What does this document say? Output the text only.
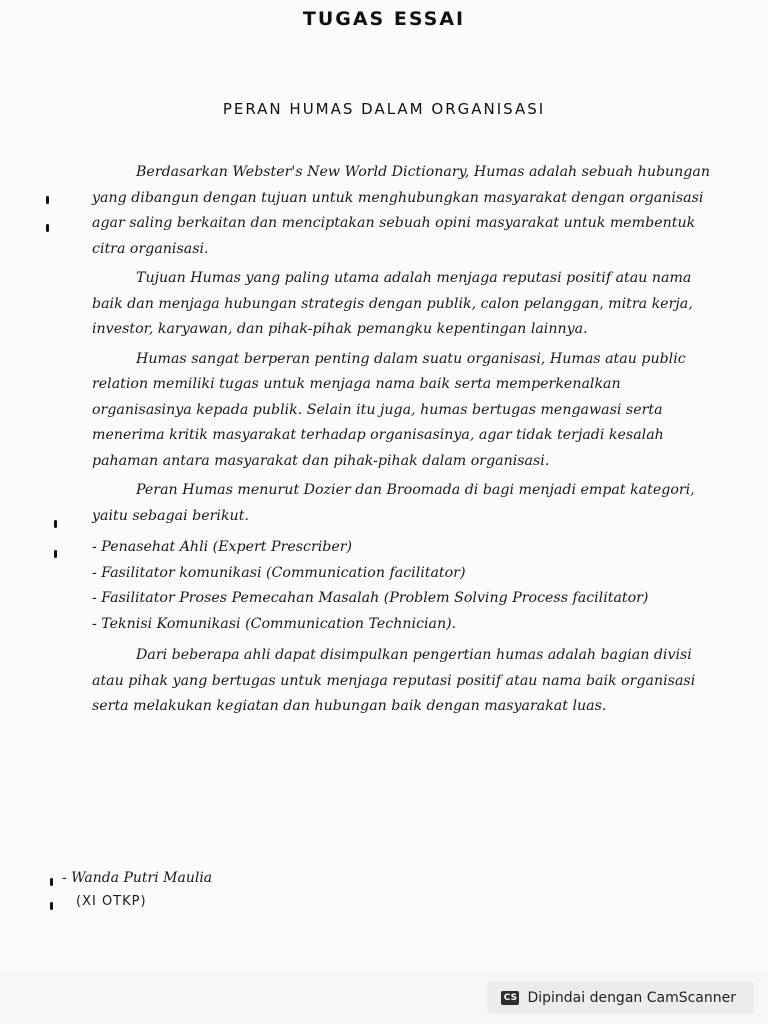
TUGAS ESSAI
PERAN HUMAS DALAM ORGANISASI

Berdasarkan Webster's New World Dictionary, Humas adalah sebuah hubungan yang dibangun dengan tujuan untuk menghubungkan masyarakat dengan organisasi agar saling berkaitan dan menciptakan sebuah opini masyarakat untuk membentuk citra organisasi.

Tujuan Humas yang paling utama adalah menjaga reputasi positif atau nama baik dan menjaga hubungan strategis dengan publik, calon pelanggan, mitra kerja, investor, karyawan, dan pihak-pihak pemangku kepentingan lainnya.

Humas sangat berperan penting dalam suatu organisasi, Humas atau public relation memiliki tugas untuk menjaga nama baik serta memperkenalkan organisasinya kepada publik. Selain itu juga, humas bertugas mengawasi serta menerima kritik masyarakat terhadap organisasinya, agar tidak terjadi kesalah pahaman antara masyarakat dan pihak-pihak dalam organisasi.

Peran Humas menurut Dozier dan Broomada di bagi menjadi empat kategori, yaitu sebagai berikut.

- Penasehat Ahli (Expert Prescriber)
- Fasilitator komunikasi (Communication facilitator)
- Fasilitator Proses Pemecahan Masalah (Problem Solving Process facilitator)
- Teknisi Komunikasi (Communication Technician).

Dari beberapa ahli dapat disimpulkan pengertian humas adalah bagian divisi atau pihak yang bertugas untuk menjaga reputasi positif atau nama baik organisasi serta melakukan kegiatan dan hubungan baik dengan masyarakat luas.

- Wanda Putri Maulia
(XI OTKP)
CS Dipindai dengan CamScanner
